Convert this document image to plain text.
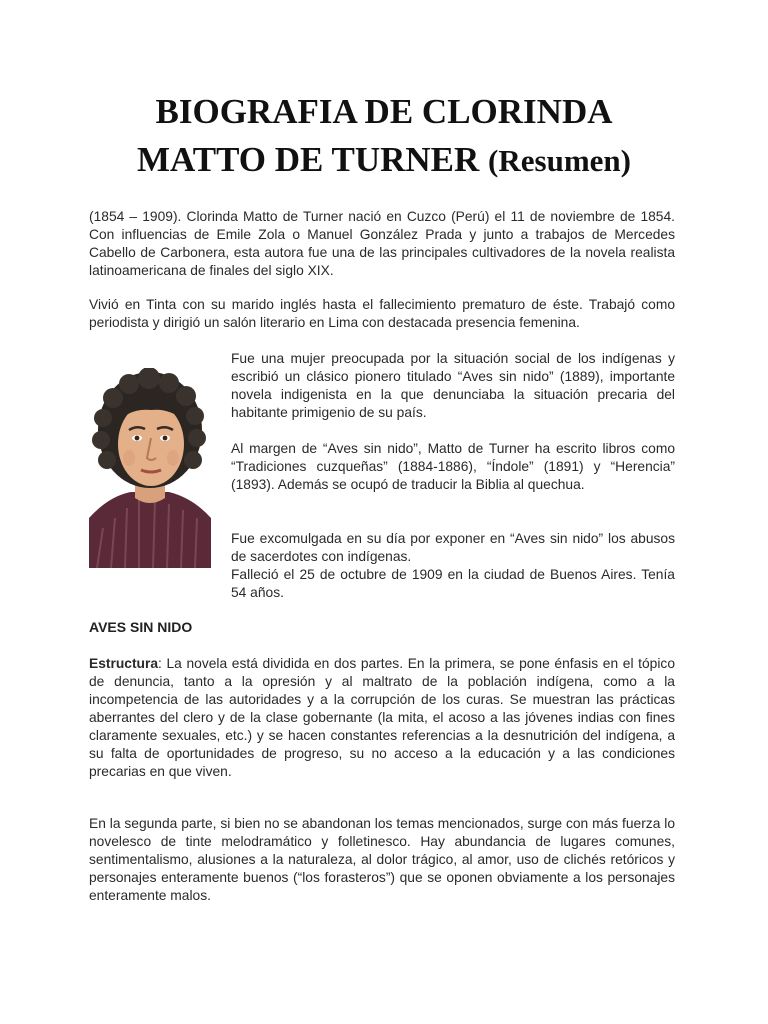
BIOGRAFIA DE CLORINDA
MATTO DE TURNER (Resumen)

(1854 – 1909). Clorinda Matto de Turner nació en Cuzco (Perú) el 11 de noviembre de 1854. Con influencias de Emile Zola o Manuel González Prada y junto a trabajos de Mercedes Cabello de Carbonera, esta autora fue una de las principales cultivadores de la novela realista latinoamericana de finales del siglo XIX.

Vivió en Tinta con su marido inglés hasta el fallecimiento prematuro de éste. Trabajó como periodista y dirigió un salón literario en Lima con destacada presencia femenina.

Fue una mujer preocupada por la situación social de los indígenas y escribió un clásico pionero titulado “Aves sin nido” (1889), importante novela indigenista en la que denunciaba la situación precaria del habitante primigenio de su país.

Al margen de “Aves sin nido”, Matto de Turner ha escrito libros como “Tradiciones cuzqueñas” (1884-1886), “Índole” (1891) y “Herencia” (1893). Además se ocupó de traducir la Biblia al quechua.

Fue excomulgada en su día por exponer en “Aves sin nido” los abusos de sacerdotes con indígenas.

Falleció el 25 de octubre de 1909 en la ciudad de Buenos Aires. Tenía 54 años.

AVES SIN NIDO

Estructura: La novela está dividida en dos partes. En la primera, se pone énfasis en el tópico de denuncia, tanto a la opresión y al maltrato de la población indígena, como a la incompetencia de las autoridades y a la corrupción de los curas. Se muestran las prácticas aberrantes del clero y de la clase gobernante (la mita, el acoso a las jóvenes indias con fines claramente sexuales, etc.) y se hacen constantes referencias a la desnutrición del indígena, a su falta de oportunidades de progreso, su no acceso a la educación y a las condiciones precarias en que viven.

En la segunda parte, si bien no se abandonan los temas mencionados, surge con más fuerza lo novelesco de tinte melodramático y folletinesco. Hay abundancia de lugares comunes, sentimentalismo, alusiones a la naturaleza, al dolor trágico, al amor, uso de clichés retóricos y personajes enteramente buenos (“los forasteros”) que se oponen obviamente a los personajes enteramente malos.
